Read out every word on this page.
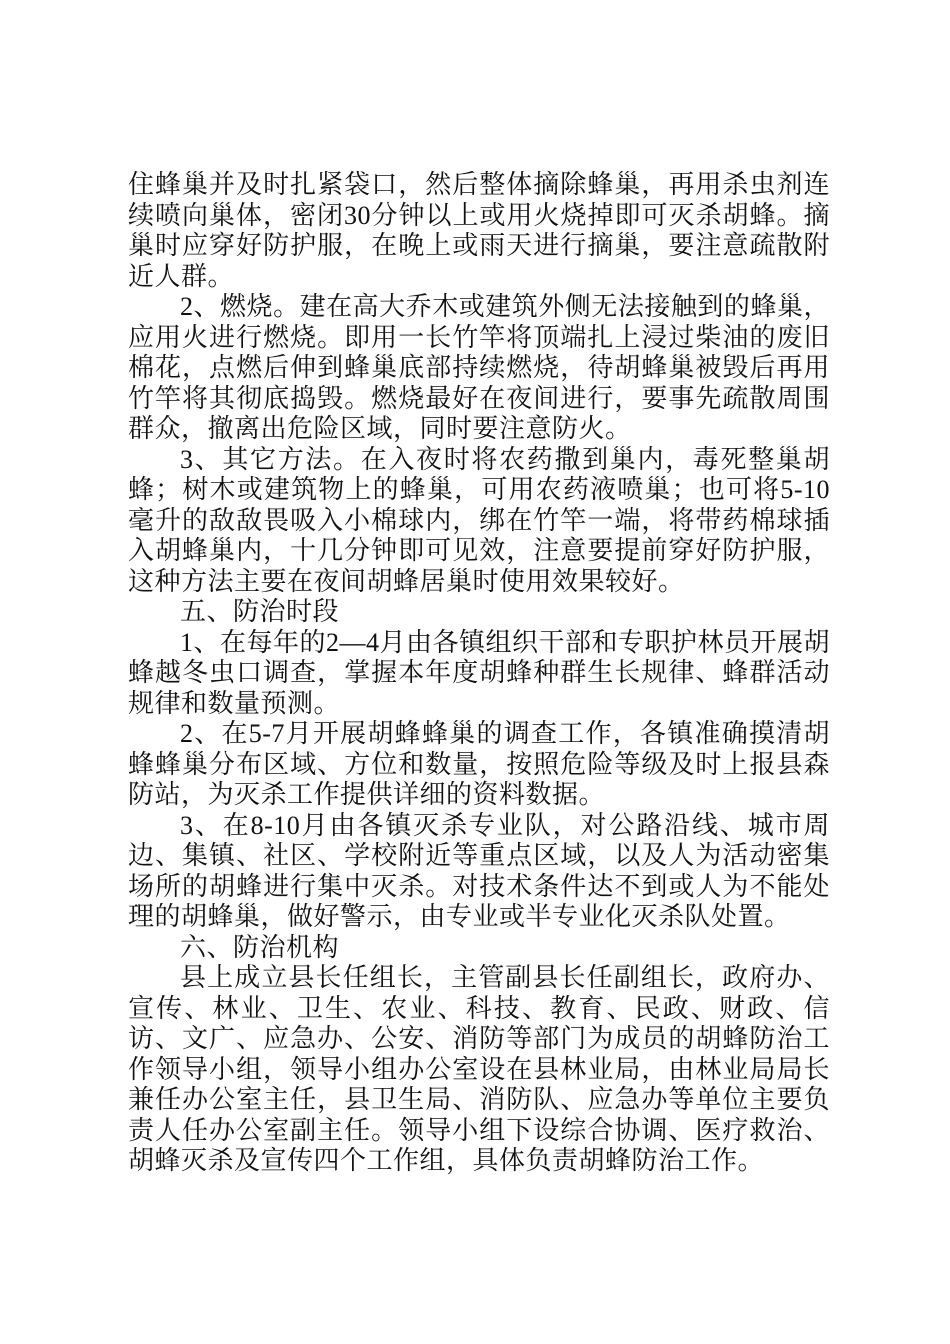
住蜂巢并及时扎紧袋口，然后整体摘除蜂巢，再用杀虫剂连续喷向巢体，密闭30分钟以上或用火烧掉即可灭杀胡蜂。摘巢时应穿好防护服，在晚上或雨天进行摘巢，要注意疏散附近人群。

2、燃烧。建在高大乔木或建筑外侧无法接触到的蜂巢，应用火进行燃烧。即用一长竹竿将顶端扎上浸过柴油的废旧棉花，点燃后伸到蜂巢底部持续燃烧，待胡蜂巢被毁后再用竹竿将其彻底捣毁。燃烧最好在夜间进行，要事先疏散周围群众，撤离出危险区域，同时要注意防火。

3、其它方法。在入夜时将农药撒到巢内，毒死整巢胡蜂；树木或建筑物上的蜂巢，可用农药液喷巢；也可将5-10毫升的敌敌畏吸入小棉球内，绑在竹竿一端，将带药棉球插入胡蜂巢内，十几分钟即可见效，注意要提前穿好防护服，这种方法主要在夜间胡蜂居巢时使用效果较好。

五、防治时段

1、在每年的2—4月由各镇组织干部和专职护林员开展胡蜂越冬虫口调查，掌握本年度胡蜂种群生长规律、蜂群活动规律和数量预测。

2、在5-7月开展胡蜂蜂巢的调查工作，各镇准确摸清胡蜂蜂巢分布区域、方位和数量，按照危险等级及时上报县森防站，为灭杀工作提供详细的资料数据。

3、在8-10月由各镇灭杀专业队，对公路沿线、城市周边、集镇、社区、学校附近等重点区域，以及人为活动密集场所的胡蜂进行集中灭杀。对技术条件达不到或人为不能处理的胡蜂巢，做好警示，由专业或半专业化灭杀队处置。

六、防治机构

县上成立县长任组长，主管副县长任副组长，政府办、宣传、林业、卫生、农业、科技、教育、民政、财政、信访、文广、应急办、公安、消防等部门为成员的胡蜂防治工作领导小组，领导小组办公室设在县林业局，由林业局局长兼任办公室主任，县卫生局、消防队、应急办等单位主要负责人任办公室副主任。领导小组下设综合协调、医疗救治、胡蜂灭杀及宣传四个工作组，具体负责胡蜂防治工作。
